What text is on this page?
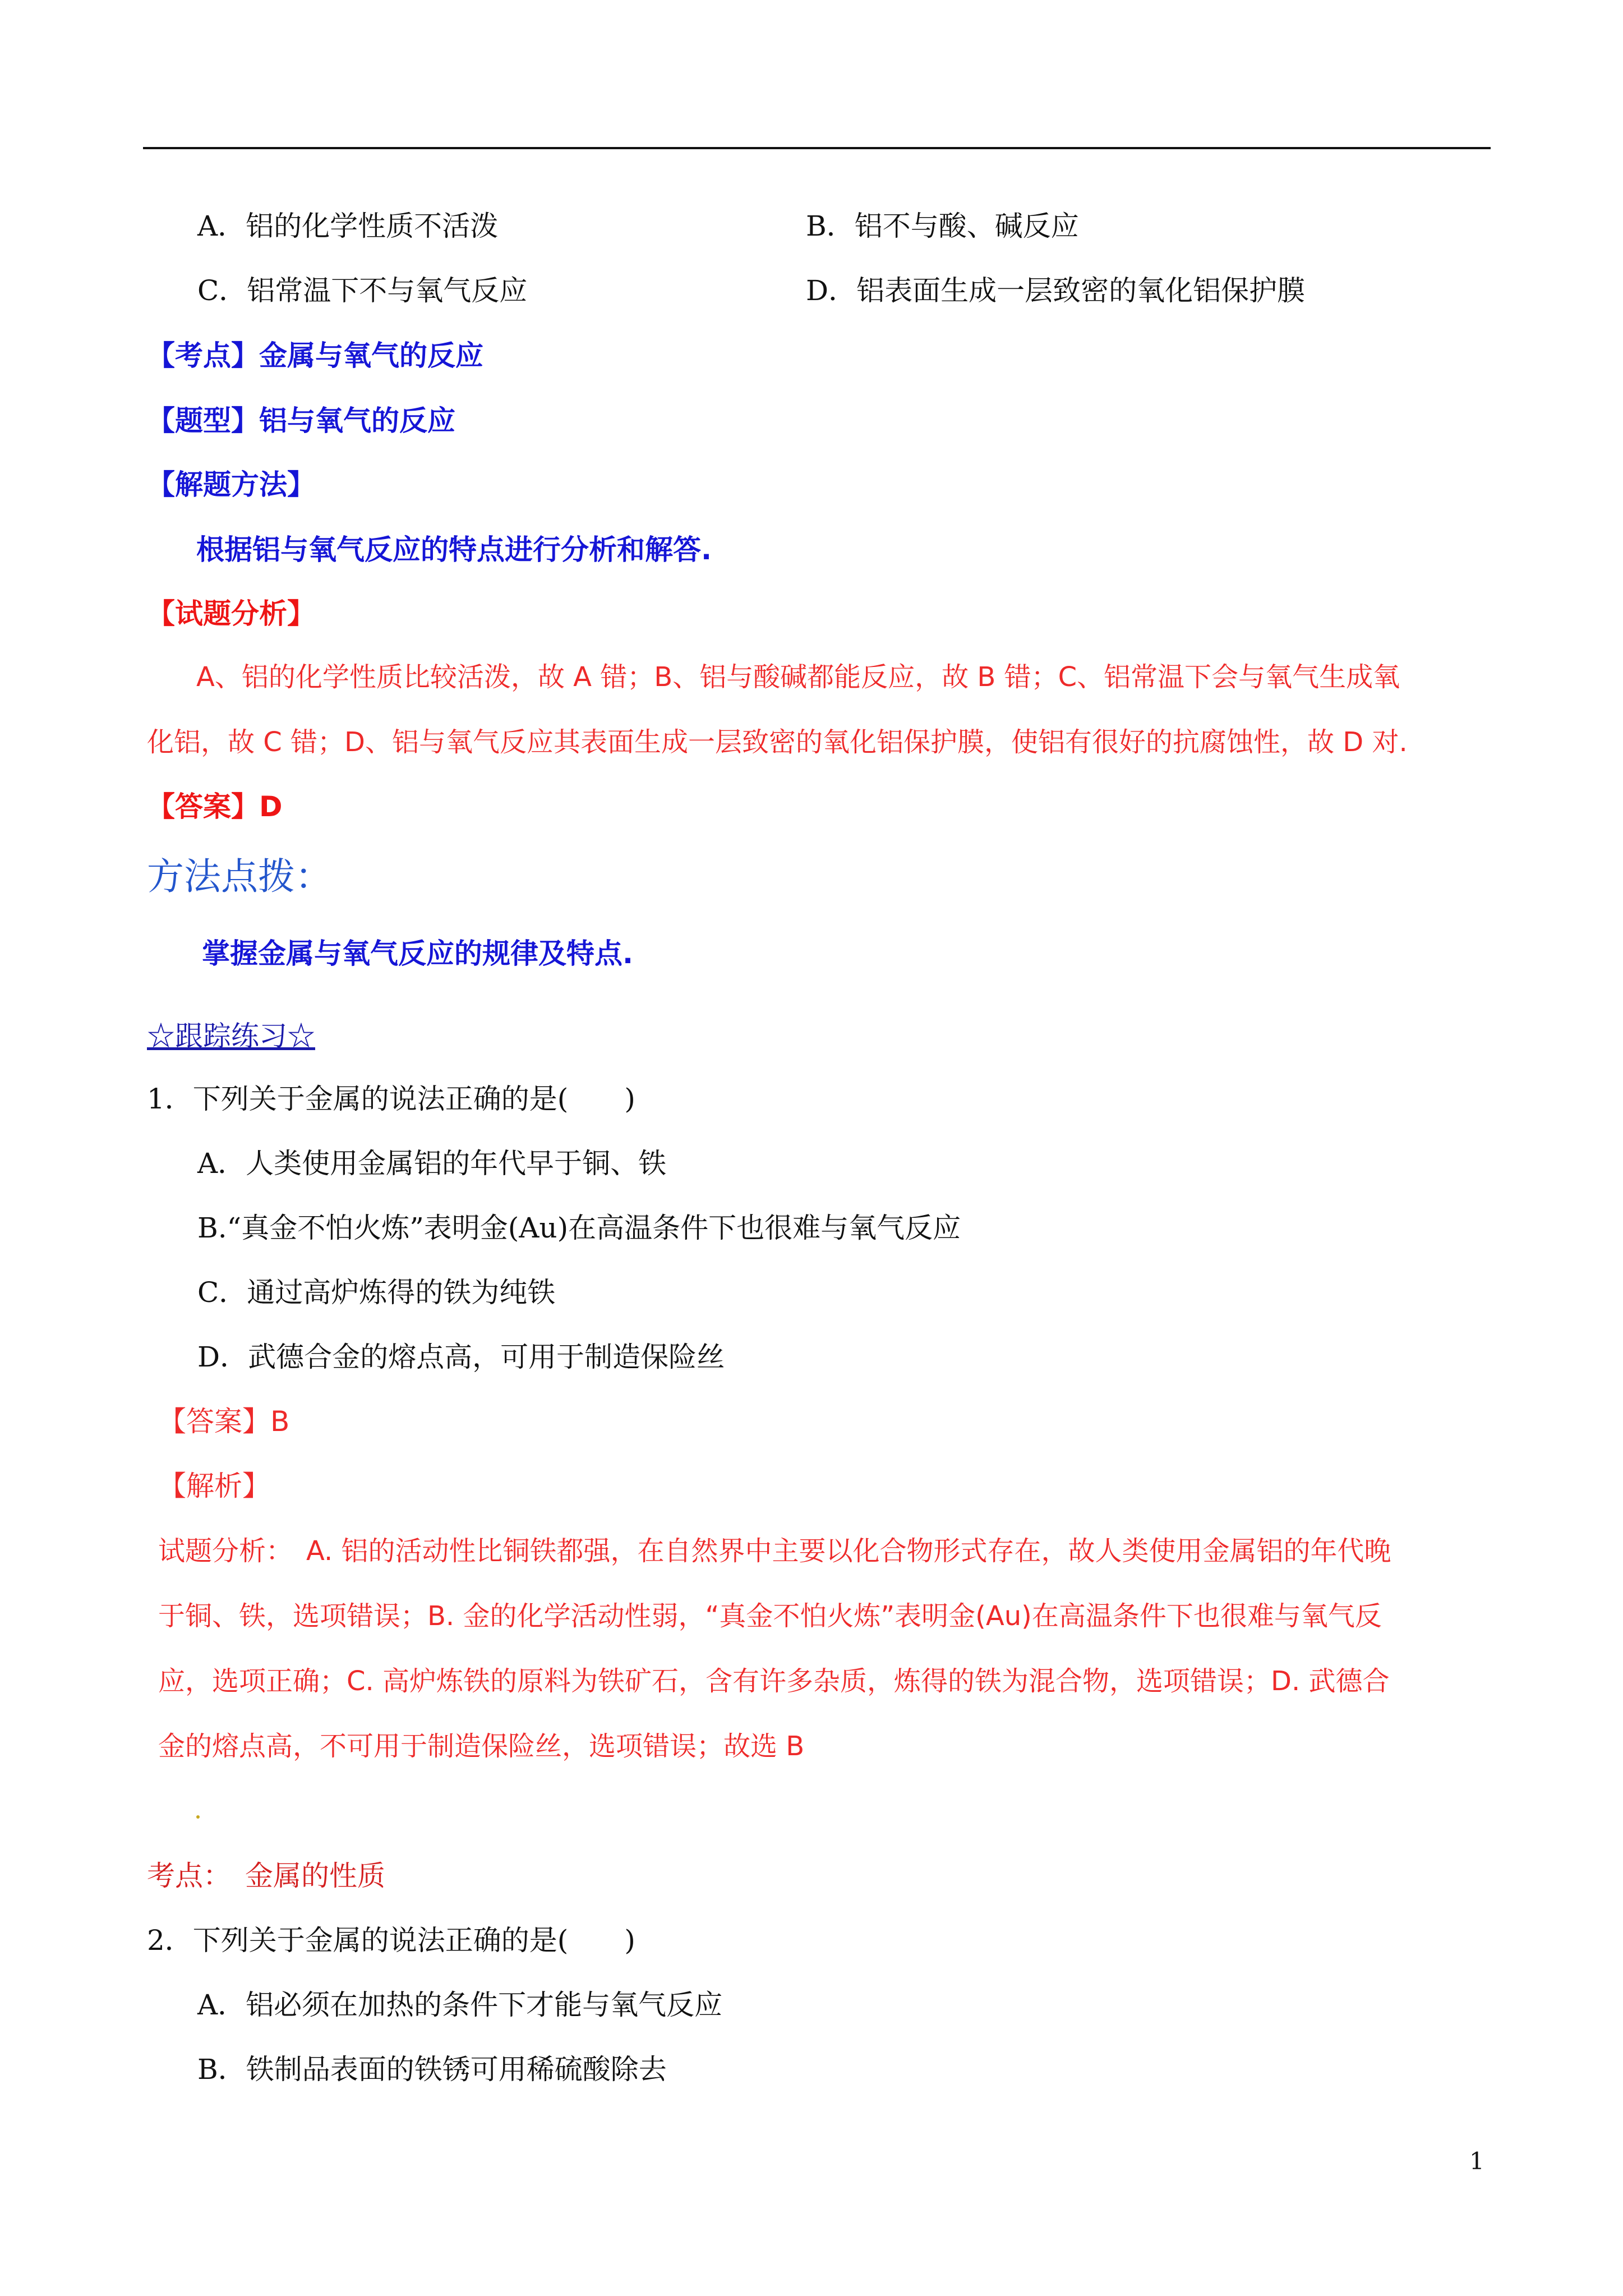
A．铝的化学性质不活泼	B．铝不与酸、碱反应
C．铝常温下不与氧气反应	D．铝表面生成一层致密的氧化铝保护膜
【考点】金属与氧气的反应
【题型】铝与氧气的反应
【解题方法】
根据铝与氧气反应的特点进行分析和解答.
【试题分析】
A、铝的化学性质比较活泼，故 A 错；B、铝与酸碱都能反应，故 B 错；C、铝常温下会与氧气生成氧
化铝，故 C 错；D、铝与氧气反应其表面生成一层致密的氧化铝保护膜，使铝有很好的抗腐蚀性，故 D 对.
【答案】D
方法点拨：
掌握金属与氧气反应的规律及特点.
☆跟踪练习☆
1．下列关于金属的说法正确的是(　　)
A．人类使用金属铝的年代早于铜、铁
B.“真金不怕火炼”表明金(Au)在高温条件下也很难与氧气反应
C．通过高炉炼得的铁为纯铁
D．武德合金的熔点高，可用于制造保险丝
【答案】B
【解析】
试题分析：　A. 铝的活动性比铜铁都强，在自然界中主要以化合物形式存在，故人类使用金属铝的年代晚
于铜、铁，选项错误；B. 金的化学活动性弱，“真金不怕火炼”表明金(Au)在高温条件下也很难与氧气反
应，选项正确；C. 高炉炼铁的原料为铁矿石，含有许多杂质，炼得的铁为混合物，选项错误；D. 武德合
金的熔点高，不可用于制造保险丝，选项错误；故选 B
考点：　金属的性质
2．下列关于金属的说法正确的是(　　)
A．铝必须在加热的条件下才能与氧气反应
B．铁制品表面的铁锈可用稀硫酸除去
1
